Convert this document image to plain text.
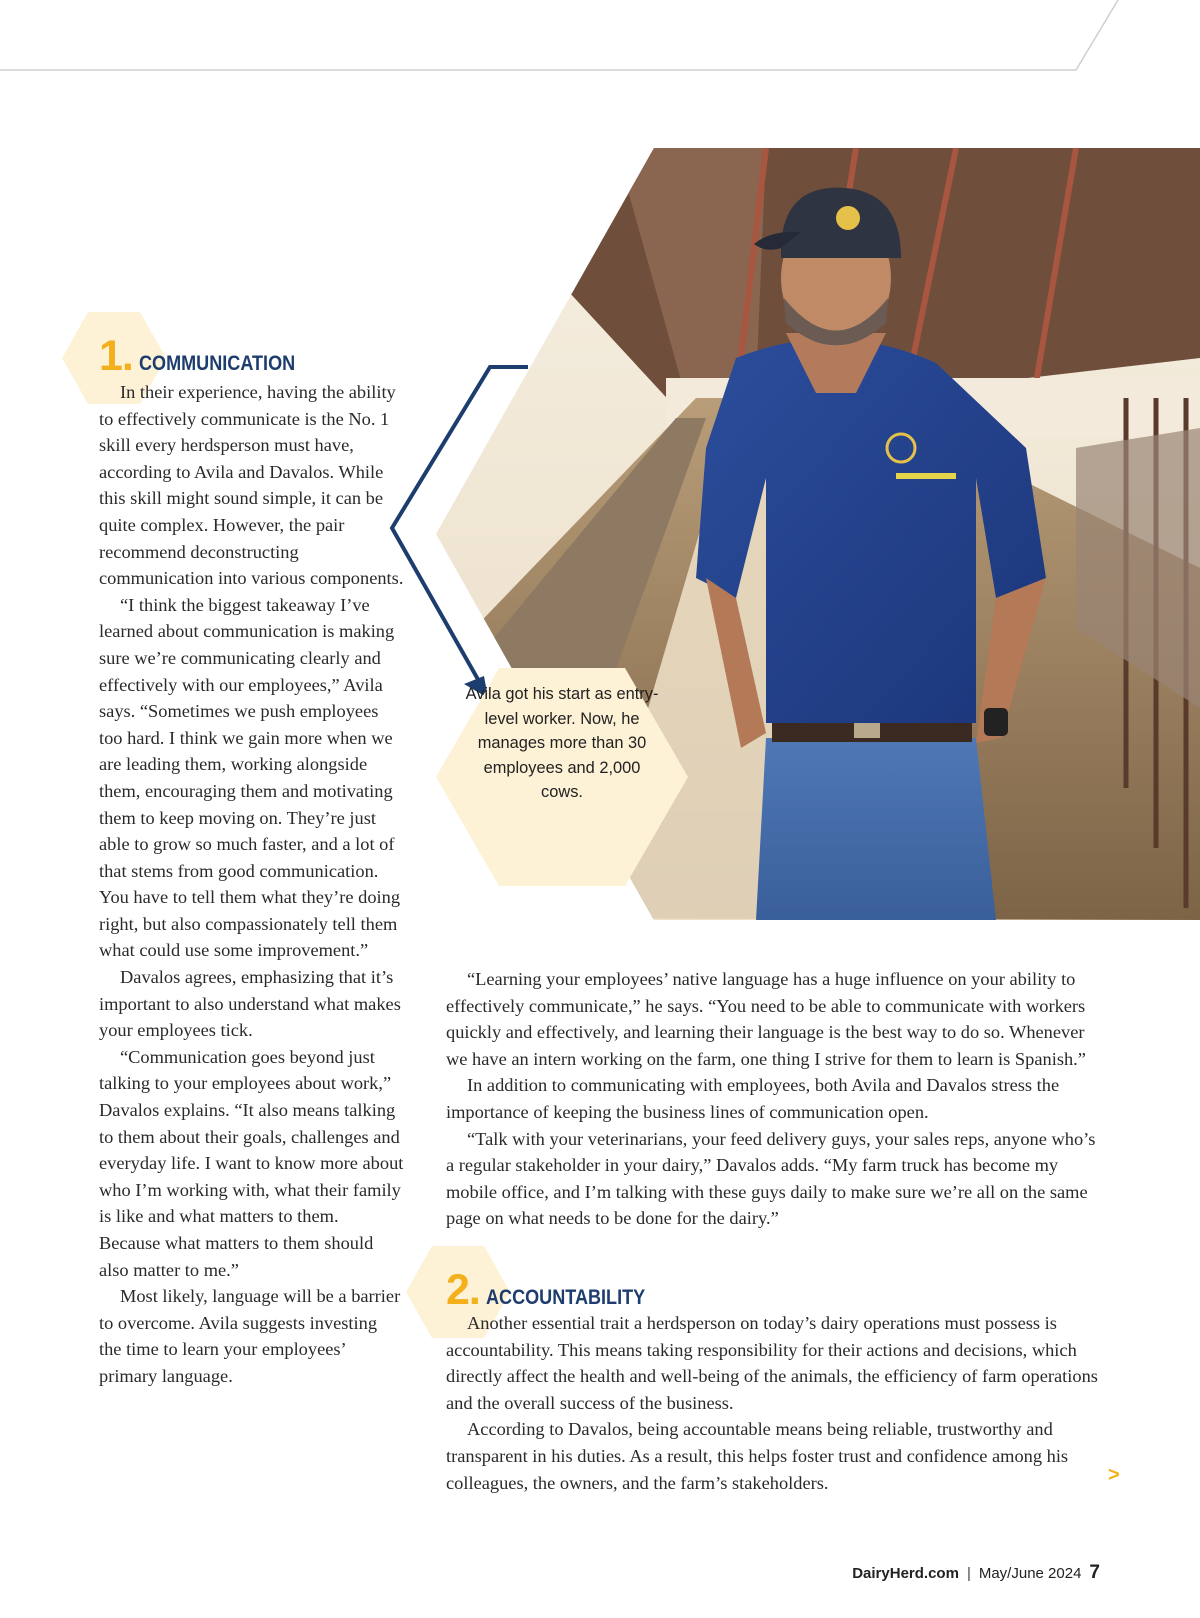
1. COMMUNICATION

In their experience, having the ability to effectively communicate is the No. 1 skill every herdsperson must have, according to Avila and Davalos. While this skill might sound simple, it can be quite complex. However, the pair recommend deconstructing communication into various components.

“I think the biggest takeaway I’ve learned about communication is making sure we’re communicating clearly and effectively with our employees,” Avila says. “Sometimes we push employees too hard. I think we gain more when we are leading them, working alongside them, encouraging them and motivating them to keep moving on. They’re just able to grow so much faster, and a lot of that stems from good communication. You have to tell them what they’re doing right, but also compassionately tell them what could use some improvement.”

Davalos agrees, emphasizing that it’s important to also understand what makes your employees tick.

“Communication goes beyond just talking to your employees about work,” Davalos explains. “It also means talking to them about their goals, challenges and everyday life. I want to know more about who I’m working with, what their family is like and what matters to them. Because what matters to them should also matter to me.”

Most likely, language will be a barrier to overcome. Avila suggests investing the time to learn your employees’ primary language.

Avila got his start as entry-level worker. Now, he manages more than 30 employees and 2,000 cows.

“Learning your employees’ native language has a huge influence on your ability to effectively communicate,” he says. “You need to be able to communicate with workers quickly and effectively, and learning their language is the best way to do so. Whenever we have an intern working on the farm, one thing I strive for them to learn is Spanish.”

In addition to communicating with employees, both Avila and Davalos stress the importance of keeping the business lines of communication open.

“Talk with your veterinarians, your feed delivery guys, your sales reps, anyone who’s a regular stakeholder in your dairy,” Davalos adds. “My farm truck has become my mobile office, and I’m talking with these guys daily to make sure we’re all on the same page on what needs to be done for the dairy.”

2. ACCOUNTABILITY

Another essential trait a herdsperson on today’s dairy operations must possess is accountability. This means taking responsibility for their actions and decisions, which directly affect the health and well-being of the animals, the efficiency of farm operations and the overall success of the business.

According to Davalos, being accountable means being reliable, trustworthy and transparent in his duties. As a result, this helps foster trust and confidence among his colleagues, the owners, and the farm’s stakeholders.	>
DairyHerd.com | May/June 2024 7
